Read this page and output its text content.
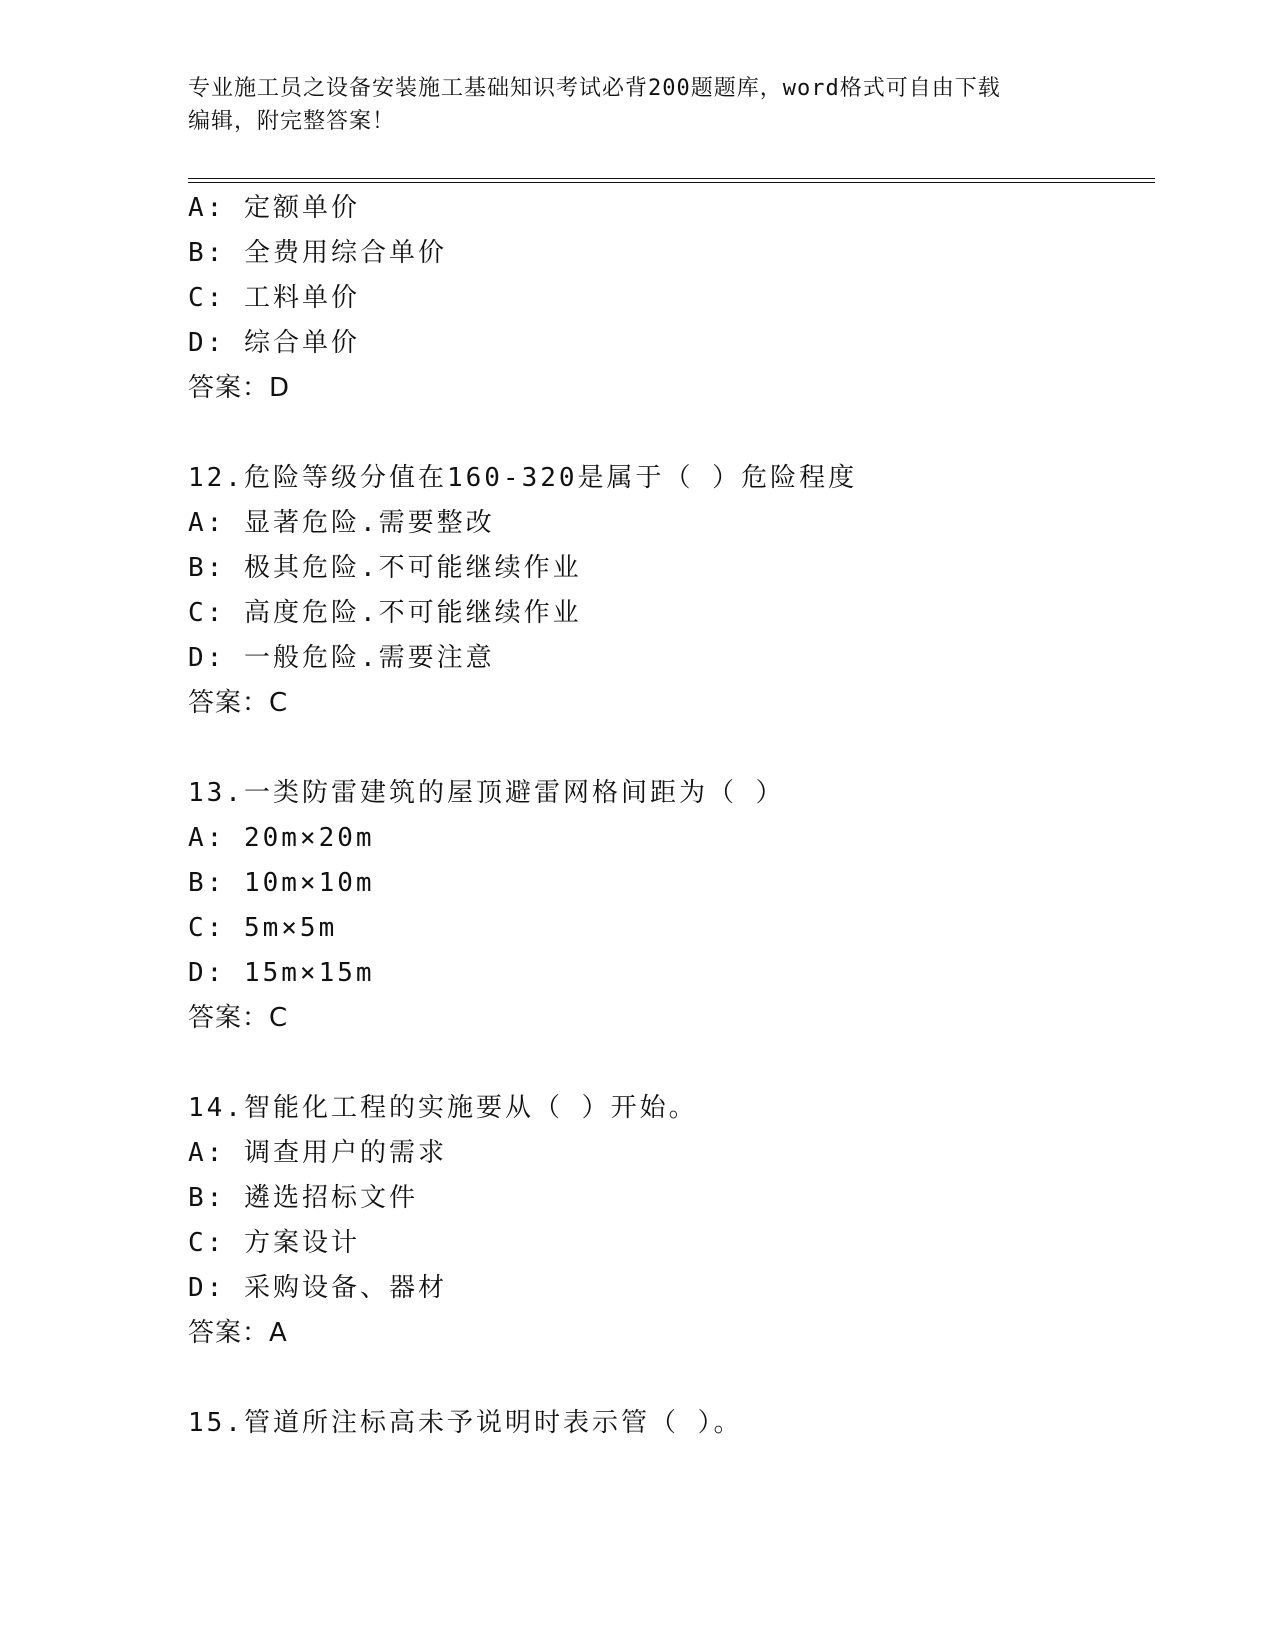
专业施工员之设备安装施工基础知识考试必背200题题库，word格式可自由下载
编辑，附完整答案！
A: 定额单价
B: 全费用综合单价
C: 工料单价
D: 综合单价
答案：D
12.危险等级分值在160-320是属于（ ）危险程度
A: 显著危险.需要整改
B: 极其危险.不可能继续作业
C: 高度危险.不可能继续作业
D: 一般危险.需要注意
答案：C
13.一类防雷建筑的屋顶避雷网格间距为（ ）
A: 20m×20m
B: 10m×10m
C: 5m×5m
D: 15m×15m
答案：C
14.智能化工程的实施要从（ ）开始。
A: 调查用户的需求
B: 遴选招标文件
C: 方案设计
D: 采购设备、器材
答案：A
15.管道所注标高未予说明时表示管（ ）。
